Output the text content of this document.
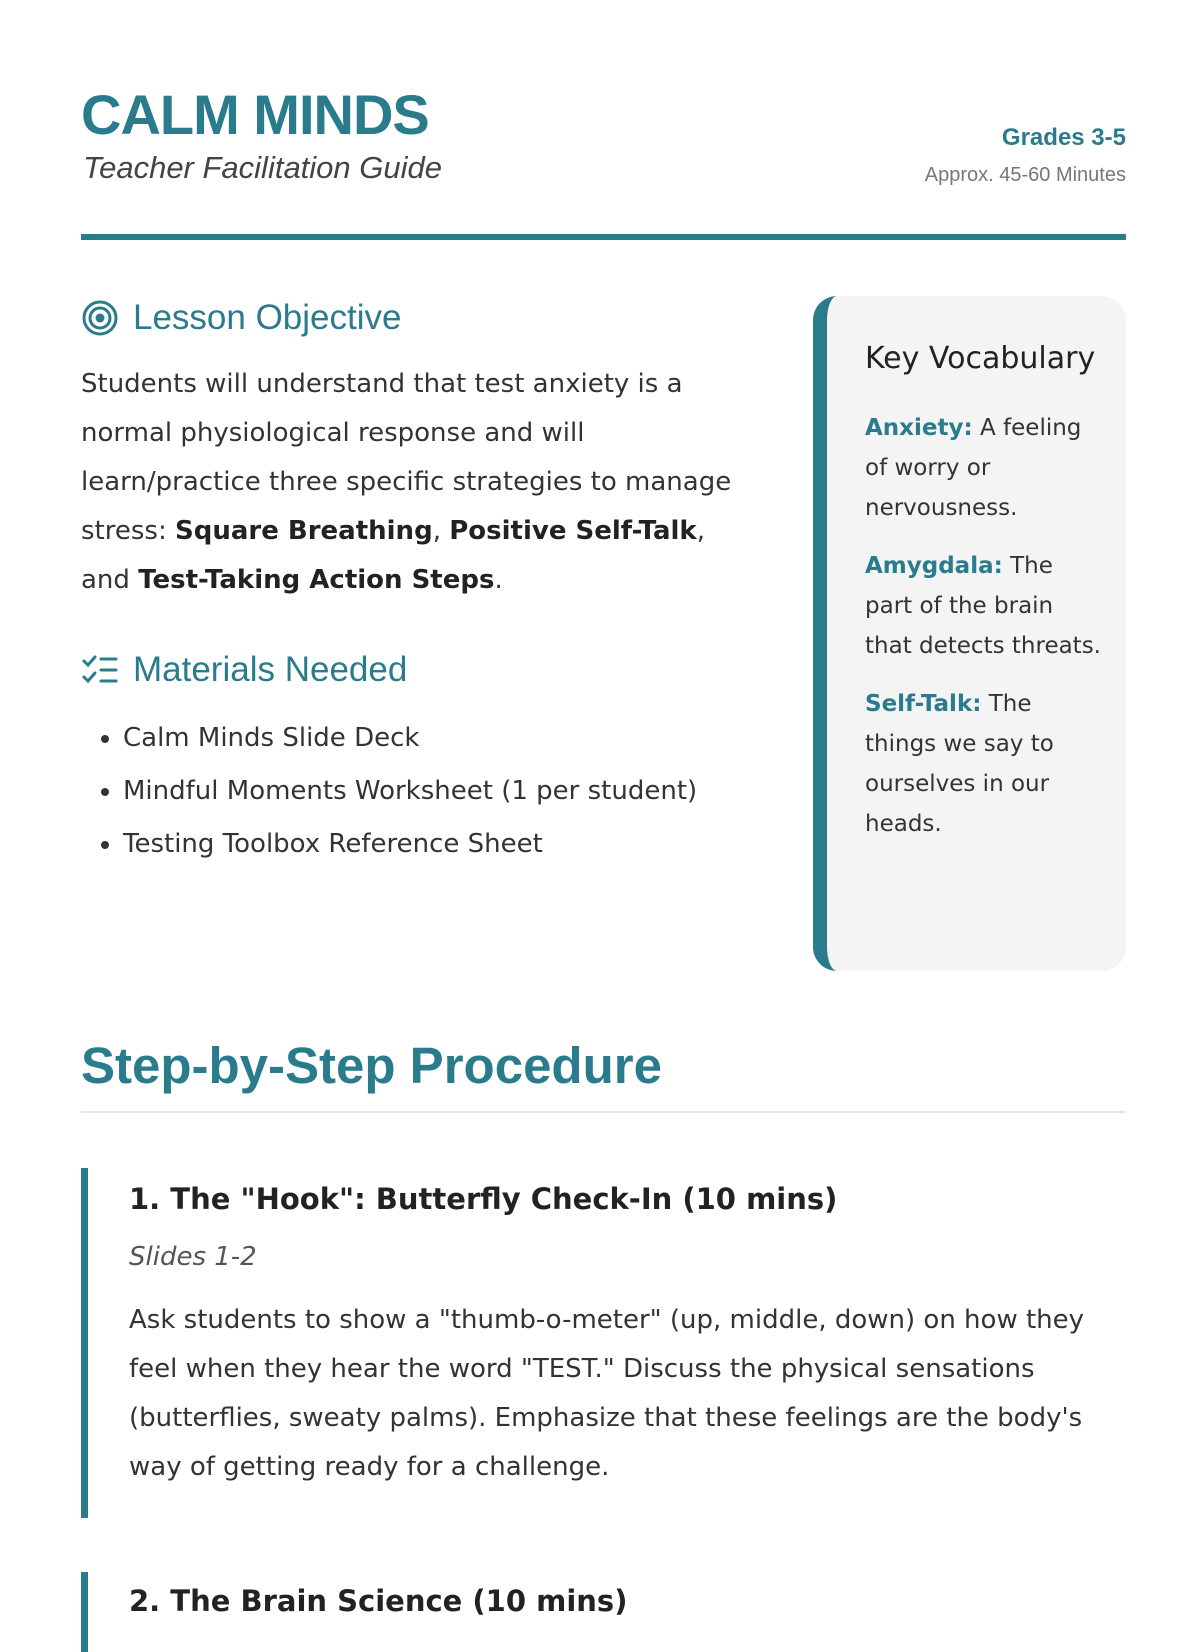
CALM MINDS
Teacher Facilitation Guide
Grades 3-5
Approx. 45-60 Minutes
Lesson Objective

Students will understand that test anxiety is a normal physiological response and will learn/practice three specific strategies to manage stress: Square Breathing, Positive Self-Talk, and Test-Taking Action Steps.

Materials Needed
• Calm Minds Slide Deck
• Mindful Moments Worksheet (1 per student)
• Testing Toolbox Reference Sheet
Key Vocabulary

Anxiety: A feeling of worry or nervousness.

Amygdala: The part of the brain that detects threats.

Self-Talk: The things we say to ourselves in our heads.

Step-by-Step Procedure
1. The "Hook": Butterfly Check-In (10 mins)

Slides 1-2

Ask students to show a "thumb-o-meter" (up, middle, down) on how they feel when they hear the word "TEST." Discuss the physical sensations (butterflies, sweaty palms). Emphasize that these feelings are the body's way of getting ready for a challenge.

2. The Brain Science (10 mins)
